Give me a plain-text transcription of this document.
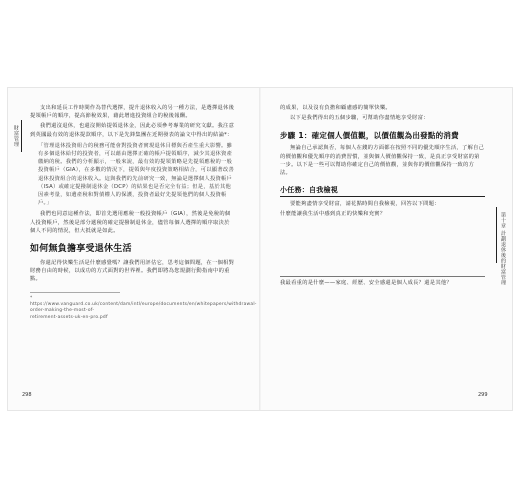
財富管理
第十章 計劃退休後的財富管理

支出和延長工作時間作為替代選擇，提升退休收入的另一種方法，是選擇退休後提領帳戶的順序，提高節稅效果，藉此增進投資組合的稅後報酬。

我們還沒退休，也還沒開始提領退休金，因此必須參考專業的研究文獻。我注意到英國最有效的退休提款順序，以下是先鋒集團在近期發表的論文中得出的結論*：

「管理退休投資組合的稅務可能會對投資者實現退休目標與否產生重大影響。雖有多個退休給付的投資者，可以藉由選擇正確的帳戶提領順序，減少其退休資產繳納的稅。我們的分析顯示，一般來說，最有效的提領策略是先提領應稅的一般投資帳戶（GIA），在多數的情況下，提領與年度投資策略相結合，可以顯著改善退休投資組合的退休收入。這與我們的先前研究一致，無論是選擇個人投資帳戶（ISA）或確定提撥制退休金（DCP）的結果也是否完全有益；但是，基於其他因素考量，如遺產稅和對債權人的保護，投資者最好先提領他們的個人投資帳戶。」

我們也同意這種作法，即首先選用應稅一般投資帳戶（GIA），然後是免稅的個人投資帳戶，然後是部分遞稅的確定提撥制退休金，儘管每個人選擇的順序取決於個人不同的情況，但大抵就是如此。

如何無負擔享受退休生活

你還記得快樂生活是什麼感覺嗎？讓我們用評估它，思考這個問題，在一個相對財務自由的時候，以成功的方式面對的世界裡。我們即將為您規劃行動指南中的重點。

* https://www.vanguard.co.uk/content/dam/intl/europe/documents/en/whitepapers/withdrawal-order-making-the-most-of-retirement-assets-uk-en-pro.pdf

的成果，以及沒有負擔和顧慮感的簡單快樂。

以下是我們得出的五個步驟，可幫助你盡情地享受財富：

步驟 1：確定個人價值觀，以價值觀為出發點的消費

無論自己承認與否，每個人在錢的方面都在按照不同的優先順序生活，了解自己的價值觀和優先順序的消費習慣，並與個人價值觀保持一致，是真正享受財富的第一步。以下是一些可以幫助你確定自己的價值觀，並與你的價值觀保持一致的方法。

小任務：自我檢視

要能夠盡情享受財富，請花點時間自我檢視，回答以下問題：

什麼能讓我生活中感到真正的快樂和充實？

我最看重的是什麼——家庭、經歷、安全感還是個人成長？還是其他？

298	299
